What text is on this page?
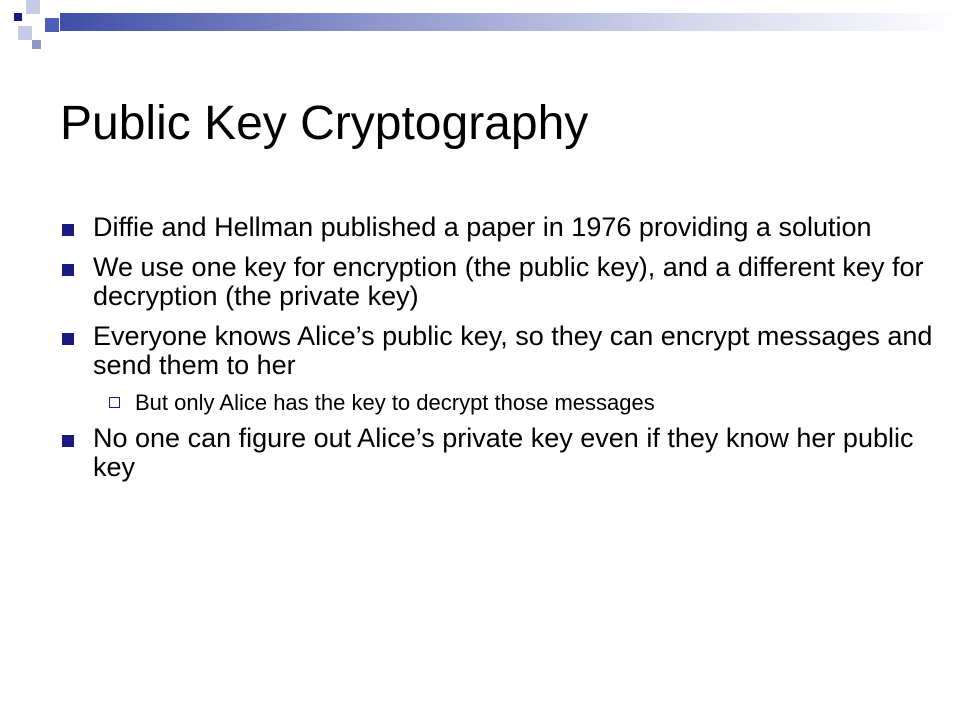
Public Key Cryptography
Diffie and Hellman published a paper in 1976 providing a solution
We use one key for encryption (the public key), and a different key for decryption (the private key)
Everyone knows Alice’s public key, so they can encrypt messages and send them to her
But only Alice has the key to decrypt those messages
No one can figure out Alice’s private key even if they know her public key
